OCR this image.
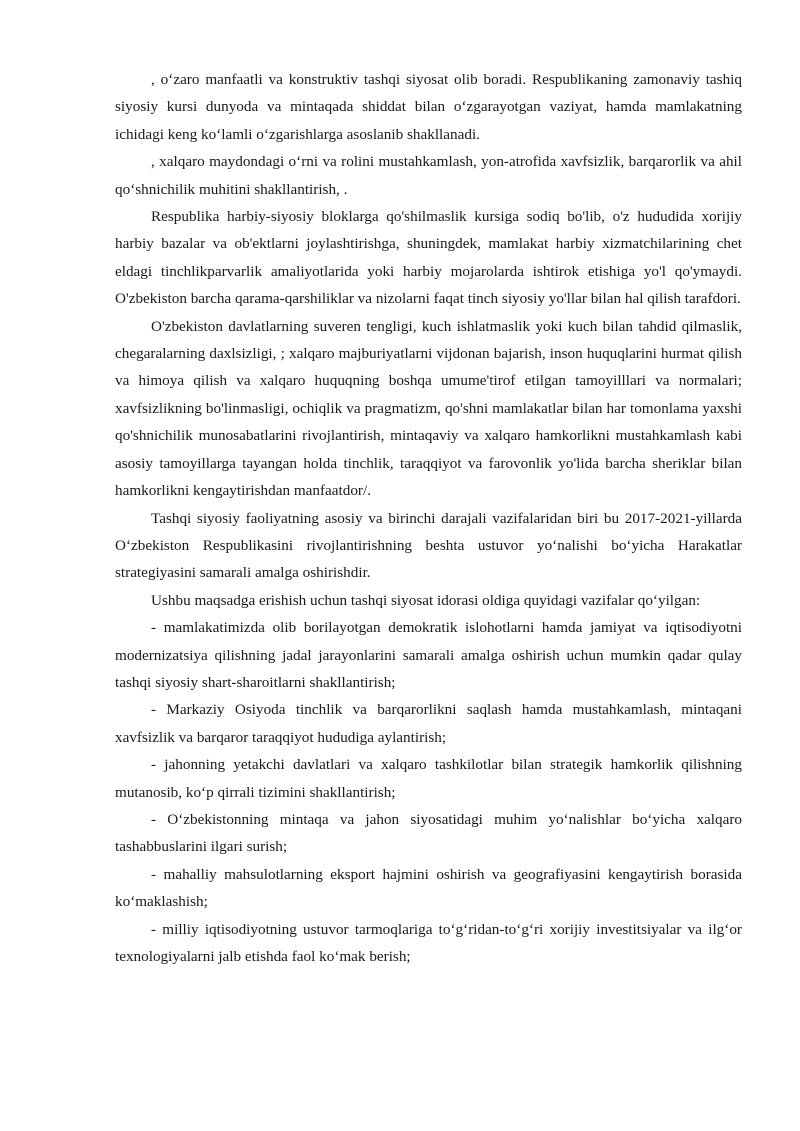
, o‘zaro manfaatli va konstruktiv tashqi siyosat olib boradi. Respublikaning zamonaviy tashiq siyosiy kursi dunyoda va mintaqada shiddat bilan o‘zgarayotgan vaziyat, hamda mamlakatning ichidagi keng ko‘lamli o‘zgarishlarga asoslanib shakllanadi.

, xalqaro maydondagi o‘rni va rolini mustahkamlash, yon-atrofida xavfsizlik, barqarorlik va ahil qo‘shnichilik muhitini shakllantirish, .

Respublika harbiy-siyosiy bloklarga qo'shilmaslik kursiga sodiq bo'lib, o'z hududida xorijiy harbiy bazalar va ob'ektlarni joylashtirishga, shuningdek, mamlakat harbiy xizmatchilarining chet eldagi tinchlikparvarlik amaliyotlarida yoki harbiy mojarolarda ishtirok etishiga yo'l qo'ymaydi. O'zbekiston barcha qarama-qarshiliklar va nizolarni faqat tinch siyosiy yo'llar bilan hal qilish tarafdori.

O'zbekiston davlatlarning suveren tengligi, kuch ishlatmaslik yoki kuch bilan tahdid qilmaslik, chegaralarning daxlsizligi, ; xalqaro majburiyatlarni vijdonan bajarish, inson huquqlarini hurmat qilish va himoya qilish va xalqaro huquqning boshqa umume'tirof etilgan tamoyilllari va normalari; xavfsizlikning bo'linmasligi, ochiqlik va pragmatizm, qo'shni mamlakatlar bilan har tomonlama yaxshi qo'shnichilik munosabatlarini rivojlantirish, mintaqaviy va xalqaro hamkorlikni mustahkamlash kabi asosiy tamoyillarga tayangan holda tinchlik, taraqqiyot va farovonlik yo'lida barcha sheriklar bilan hamkorlikni kengaytirishdan manfaatdor/.

Tashqi siyosiy faoliyatning asosiy va birinchi darajali vazifalaridan biri bu 2017-2021-yillarda O‘zbekiston Respublikasini rivojlantirishning beshta ustuvor yo‘nalishi bo‘yicha Harakatlar strategiyasini samarali amalga oshirishdir.

Ushbu maqsadga erishish uchun tashqi siyosat idorasi oldiga quyidagi vazifalar qo‘yilgan:

- mamlakatimizda olib borilayotgan demokratik islohotlarni hamda jamiyat va iqtisodiyotni modernizatsiya qilishning jadal jarayonlarini samarali amalga oshirish uchun mumkin qadar qulay tashqi siyosiy shart-sharoitlarni shakllantirish;

- Markaziy Osiyoda tinchlik va barqarorlikni saqlash hamda mustahkamlash, mintaqani xavfsizlik va barqaror taraqqiyot hududiga aylantirish;

- jahonning yetakchi davlatlari va xalqaro tashkilotlar bilan strategik hamkorlik qilishning mutanosib, ko‘p qirrali tizimini shakllantirish;

- O‘zbekistonning mintaqa va jahon siyosatidagi muhim yo‘nalishlar bo‘yicha xalqaro tashabbuslarini ilgari surish;

- mahalliy mahsulotlarning eksport hajmini oshirish va geografiyasini kengaytirish borasida ko‘maklashish;

- milliy iqtisodiyotning ustuvor tarmoqlariga to‘g‘ridan-to‘g‘ri xorijiy investitsiyalar va ilg‘or texnologiyalarni jalb etishda faol ko‘mak berish;
